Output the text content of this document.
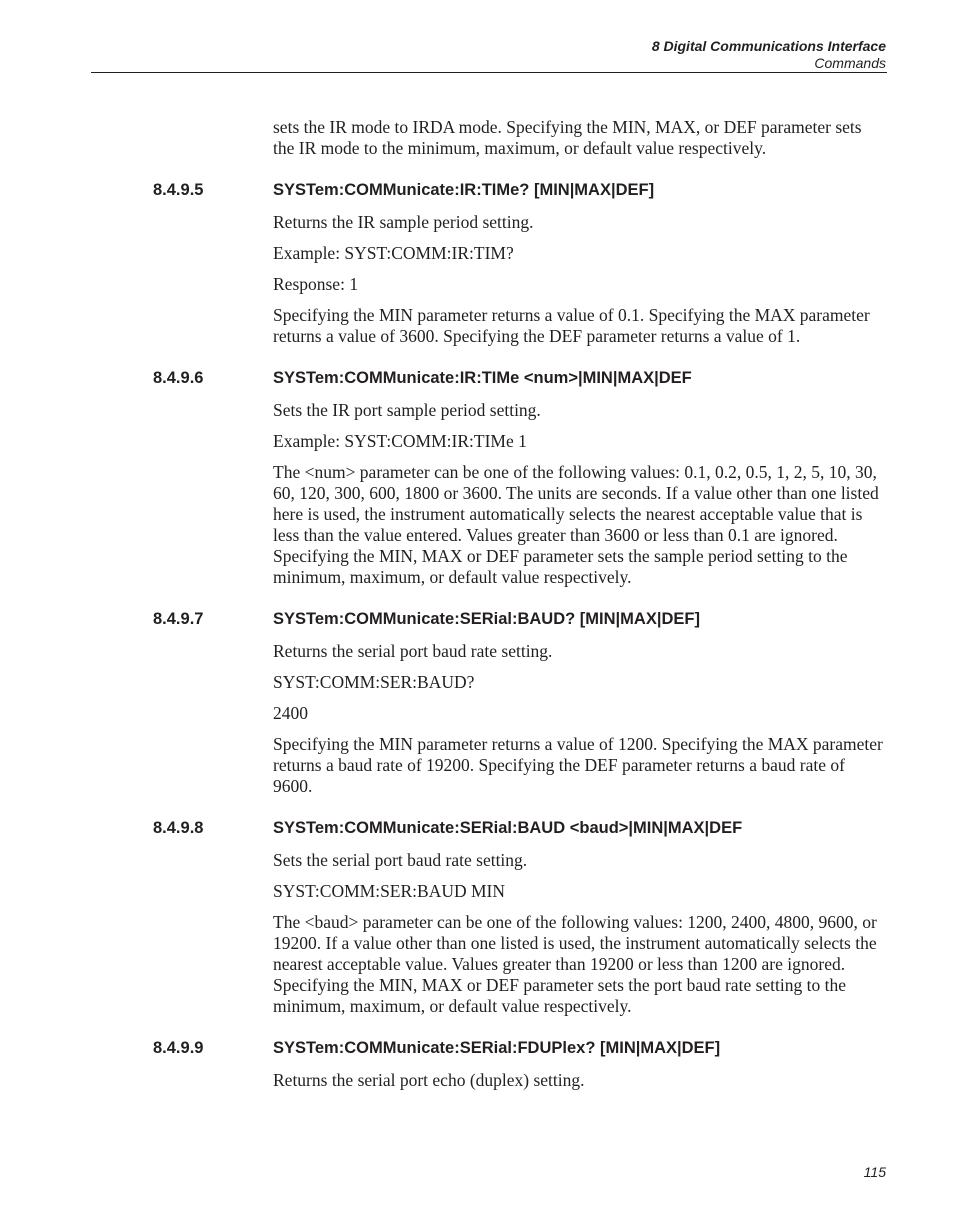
8 Digital Communications Interface
Commands

sets the IR mode to IRDA mode. Specifying the MIN, MAX, or DEF parameter sets the IR mode to the minimum, maximum, or default value respectively.

8.4.9.5	SYSTem:COMMunicate:IR:TIMe? [MIN|MAX|DEF]

Returns the IR sample period setting.

Example: SYST:COMM:IR:TIM?

Response: 1

Specifying the MIN parameter returns a value of 0.1. Specifying the MAX parameter returns a value of 3600. Specifying the DEF parameter returns a value of 1.

8.4.9.6	SYSTem:COMMunicate:IR:TIMe <num>|MIN|MAX|DEF

Sets the IR port sample period setting.

Example: SYST:COMM:IR:TIMe 1

The <num> parameter can be one of the following values: 0.1, 0.2, 0.5, 1, 2, 5, 10, 30, 60, 120, 300, 600, 1800 or 3600. The units are seconds. If a value other than one listed here is used, the instrument automatically selects the nearest acceptable value that is less than the value entered. Values greater than 3600 or less than 0.1 are ignored. Specifying the MIN, MAX or DEF parameter sets the sample period setting to the minimum, maximum, or default value respectively.

8.4.9.7	SYSTem:COMMunicate:SERial:BAUD? [MIN|MAX|DEF]

Returns the serial port baud rate setting.

SYST:COMM:SER:BAUD?

2400

Specifying the MIN parameter returns a value of 1200. Specifying the MAX parameter returns a baud rate of 19200. Specifying the DEF parameter returns a baud rate of 9600.

8.4.9.8	SYSTem:COMMunicate:SERial:BAUD <baud>|MIN|MAX|DEF

Sets the serial port baud rate setting.

SYST:COMM:SER:BAUD MIN

The <baud> parameter can be one of the following values: 1200, 2400, 4800, 9600, or 19200. If a value other than one listed is used, the instrument automatically selects the nearest acceptable value. Values greater than 19200 or less than 1200 are ignored. Specifying the MIN, MAX or DEF parameter sets the port baud rate setting to the minimum, maximum, or default value respectively.

8.4.9.9	SYSTem:COMMunicate:SERial:FDUPlex? [MIN|MAX|DEF]

Returns the serial port echo (duplex) setting.

115
